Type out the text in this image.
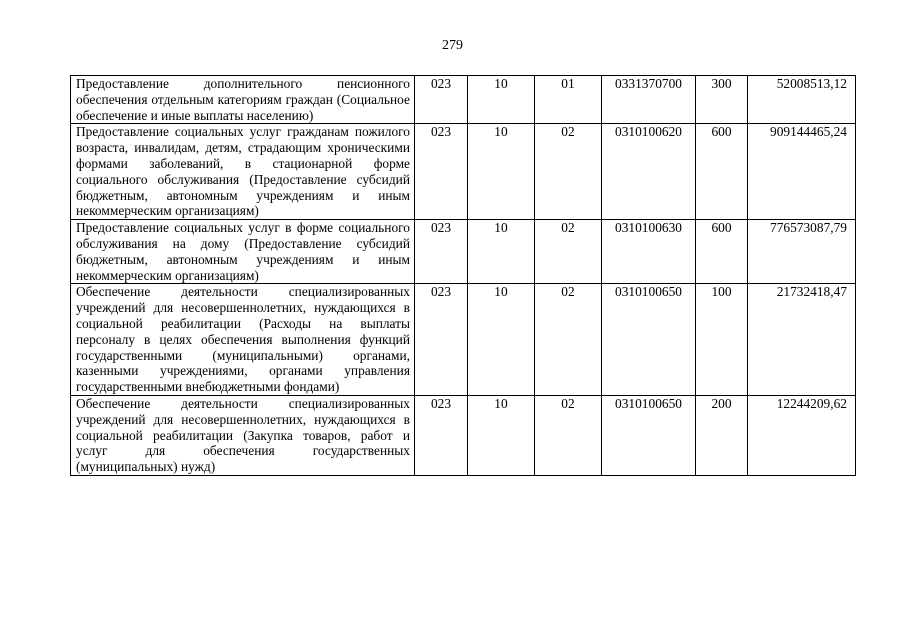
279
Предоставление дополнительного пенсионного обеспечения отдельным категориям граждан (Социальное обеспечение и иные выплаты населению)	023	10	01	0331370700	300	52008513,12
Предоставление социальных услуг гражданам пожилого возраста, инвалидам, детям, страдающим хроническими формами заболеваний, в стационарной форме социального обслуживания (Предоставление субсидий бюджетным, автономным учреждениям и иным некоммерческим организациям)	023	10	02	0310100620	600	909144465,24
Предоставление социальных услуг в форме социального обслуживания на дому (Предоставление субсидий бюджетным, автономным учреждениям и иным некоммерческим организациям)	023	10	02	0310100630	600	776573087,79
Обеспечение деятельности специализированных учреждений для несовершеннолетних, нуждающихся в социальной реабилитации (Расходы на выплаты персоналу в целях обеспечения выполнения функций государственными (муниципальными) органами, казенными учреждениями, органами управления государственными внебюджетными фондами)	023	10	02	0310100650	100	21732418,47
Обеспечение деятельности специализированных учреждений для несовершеннолетних, нуждающихся в социальной реабилитации (Закупка товаров, работ и услуг для обеспечения государственных (муниципальных) нужд)	023	10	02	0310100650	200	12244209,62
